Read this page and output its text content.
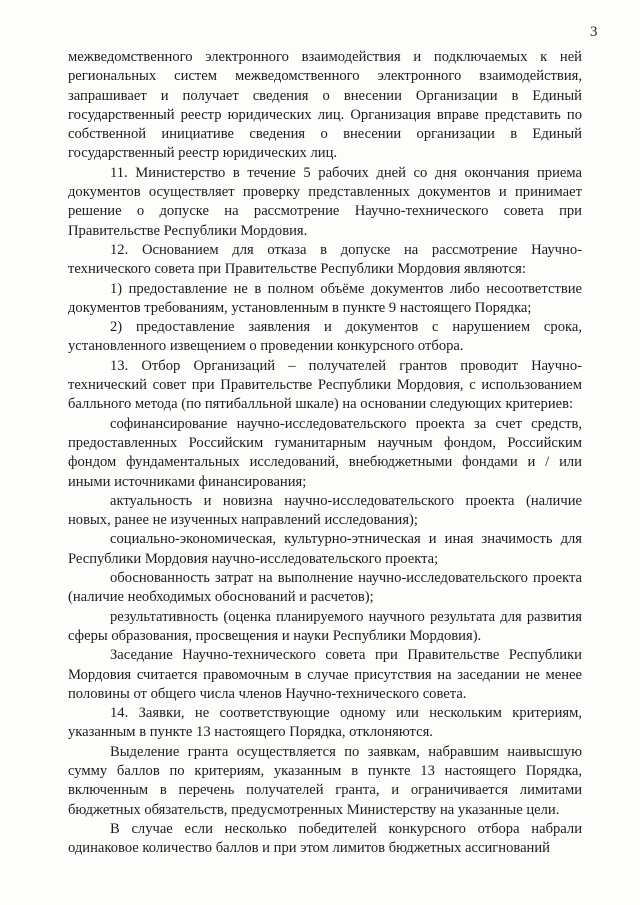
3

межведомственного электронного взаимодействия и подключаемых к ней региональных систем межведомственного электронного взаимодействия, запрашивает и получает сведения о внесении Организации в Единый государственный реестр юридических лиц. Организация вправе представить по собственной инициативе сведения о внесении организации в Единый государственный реестр юридических лиц.

11. Министерство в течение 5 рабочих дней со дня окончания приема документов осуществляет проверку представленных документов и принимает решение о допуске на рассмотрение Научно-технического совета при Правительстве Республики Мордовия.

12. Основанием для отказа в допуске на рассмотрение Научно-технического совета при Правительстве Республики Мордовия являются:

1) предоставление не в полном объёме документов либо несоответствие документов требованиям, установленным в пункте 9 настоящего Порядка;

2) предоставление заявления и документов с нарушением срока, установленного извещением о проведении конкурсного отбора.

13. Отбор Организаций – получателей грантов проводит Научно-технический совет при Правительстве Республики Мордовия, с использованием балльного метода (по пятибалльной шкале) на основании следующих критериев:

софинансирование научно-исследовательского проекта за счет средств, предоставленных Российским гуманитарным научным фондом, Российским фондом фундаментальных исследований, внебюджетными фондами и / или иными источниками финансирования;

актуальность и новизна научно-исследовательского проекта (наличие новых, ранее не изученных направлений исследования);

социально-экономическая, культурно-этническая и иная значимость для Республики Мордовия научно-исследовательского проекта;

обоснованность затрат на выполнение научно-исследовательского проекта (наличие необходимых обоснований и расчетов);

результативность (оценка планируемого научного результата для развития сферы образования, просвещения и науки Республики Мордовия).

Заседание Научно-технического совета при Правительстве Республики Мордовия считается правомочным в случае присутствия на заседании не менее половины от общего числа членов Научно-технического совета.

14. Заявки, не соответствующие одному или нескольким критериям, указанным в пункте 13 настоящего Порядка, отклоняются.

Выделение гранта осуществляется по заявкам, набравшим наивысшую сумму баллов по критериям, указанным в пункте 13 настоящего Порядка, включенным в перечень получателей гранта, и ограничивается лимитами бюджетных обязательств, предусмотренных Министерству на указанные цели.

В случае если несколько победителей конкурсного отбора набрали одинаковое количество баллов и при этом лимитов бюджетных ассигнований
